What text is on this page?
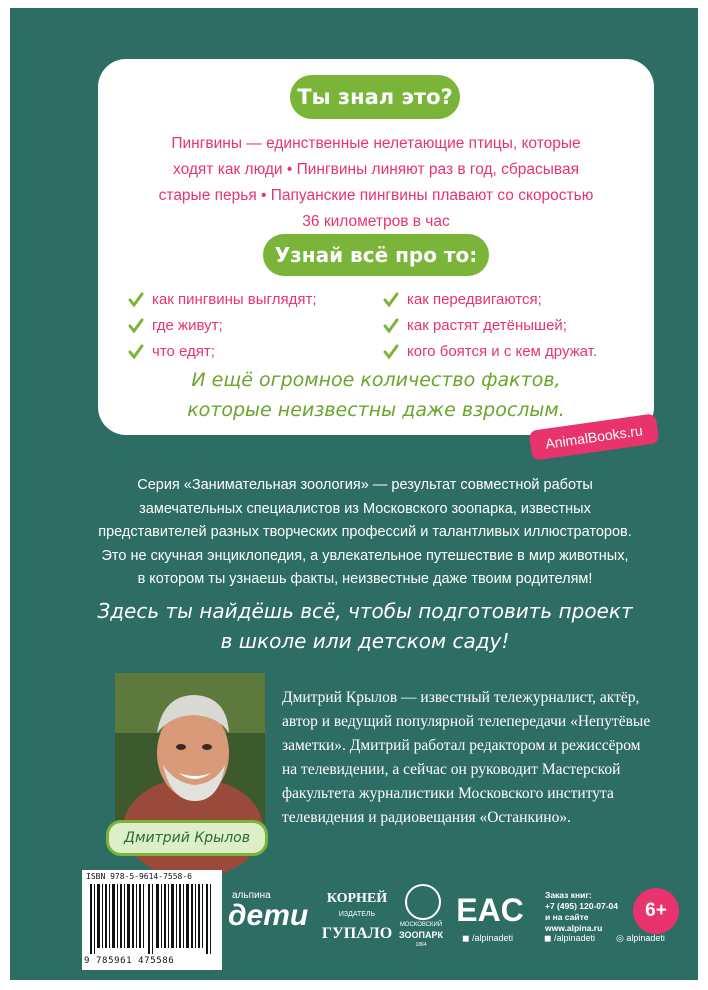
Ты знал это?
Пингвины — единственные нелетающие птицы, которые
ходят как люди • Пингвины линяют раз в год, сбрасывая
старые перья • Папуанские пингвины плавают со скоростью
36 километров в час
Узнай всё про то:
как пингвины выглядят;
где живут;
что едят;
как передвигаются;
как растят детёнышей;
кого боятся и с кем дружат.
И ещё огромное количество фактов,
которые неизвестны даже взрослым.
AnimalBooks.ru
Серия «Занимательная зоология» — результат совместной работы
замечательных специалистов из Московского зоопарка, известных
представителей разных творческих профессий и талантливых иллюстраторов.
Это не скучная энциклопедия, а увлекательное путешествие в мир животных,
в котором ты узнаешь факты, неизвестные даже твоим родителям!
Здесь ты найдёшь всё, чтобы подготовить проект
в школе или детском саду!
Дмитрий Крылов
Дмитрий Крылов — известный тележурналист, актёр,
автор и ведущий популярной телепередачи «Непутёвые
заметки». Дмитрий работал редактором и режиссёром
на телевидении, а сейчас он руководит Мастерской
факультета журналистики Московского института
телевидения и радиовещания «Останкино».
ISBN 978-5-9614-7558-6
9 785961 475586
альпина
дети
КОРНЕЙ
ИЗДАТЕЛЬ
ГУПАЛО	МОСКОВСКИЙ
ЗООПАРК
1864
EAC Заказ книг:
+7 (495) 120-07-04
и на сайте
www.alpina.ru
6+
◼ /alpinadeti	◼ /alpinadeti ◎ alpinadeti
